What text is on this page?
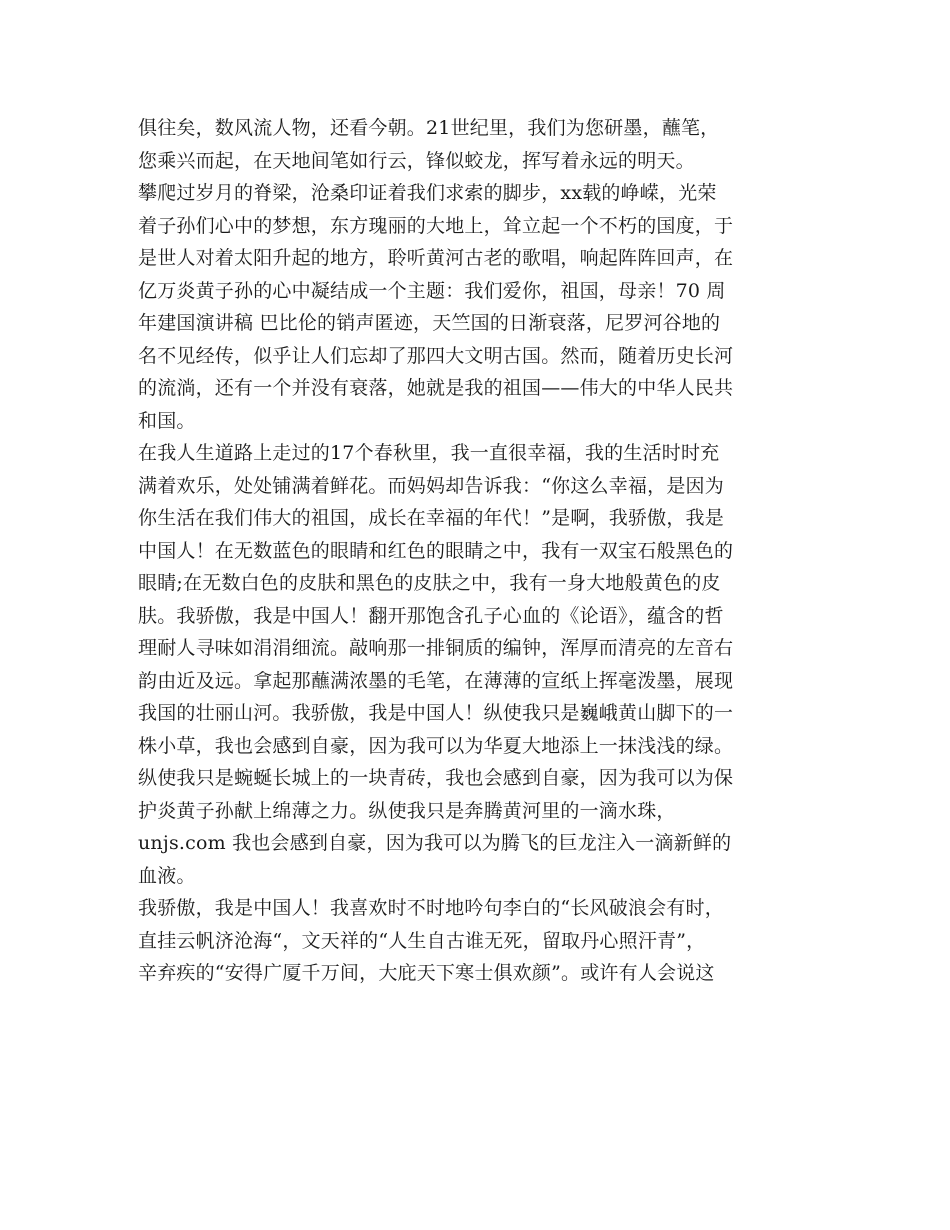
俱往矣，数风流人物，还看今朝。21世纪里，我们为您研墨，蘸笔，
您乘兴而起，在天地间笔如行云，锋似蛟龙，挥写着永远的明天。
攀爬过岁月的脊梁，沧桑印证着我们求索的脚步，xx载的峥嵘，光荣
着子孙们心中的梦想，东方瑰丽的大地上，耸立起一个不朽的国度，于
是世人对着太阳升起的地方，聆听黄河古老的歌唱，响起阵阵回声，在
亿万炎黄子孙的心中凝结成一个主题：我们爱你，祖国，母亲！70 周
年建国演讲稿 巴比伦的销声匿迹，天竺国的日渐衰落，尼罗河谷地的
名不见经传，似乎让人们忘却了那四大文明古国。然而，随着历史长河
的流淌，还有一个并没有衰落，她就是我的祖国——伟大的中华人民共
和国。
在我人生道路上走过的17个春秋里，我一直很幸福，我的生活时时充
满着欢乐，处处铺满着鲜花。而妈妈却告诉我：“你这么幸福，是因为
你生活在我们伟大的祖国，成长在幸福的年代！”是啊，我骄傲，我是
中国人！在无数蓝色的眼睛和红色的眼睛之中，我有一双宝石般黑色的
眼睛;在无数白色的皮肤和黑色的皮肤之中，我有一身大地般黄色的皮
肤。我骄傲，我是中国人！翻开那饱含孔子心血的《论语》，蕴含的哲
理耐人寻味如涓涓细流。敲响那一排铜质的编钟，浑厚而清亮的左音右
韵由近及远。拿起那蘸满浓墨的毛笔，在薄薄的宣纸上挥毫泼墨，展现
我国的壮丽山河。我骄傲，我是中国人！纵使我只是巍峨黄山脚下的一
株小草，我也会感到自豪，因为我可以为华夏大地添上一抹浅浅的绿。
纵使我只是蜿蜒长城上的一块青砖，我也会感到自豪，因为我可以为保
护炎黄子孙献上绵薄之力。纵使我只是奔腾黄河里的一滴水珠，
unjs.com 我也会感到自豪，因为我可以为腾飞的巨龙注入一滴新鲜的
血液。
我骄傲，我是中国人！我喜欢时不时地吟句李白的“长风破浪会有时，
直挂云帆济沧海“，文天祥的“人生自古谁无死，留取丹心照汗青”，
辛弃疾的“安得广厦千万间，大庇天下寒士俱欢颜”。或许有人会说这
